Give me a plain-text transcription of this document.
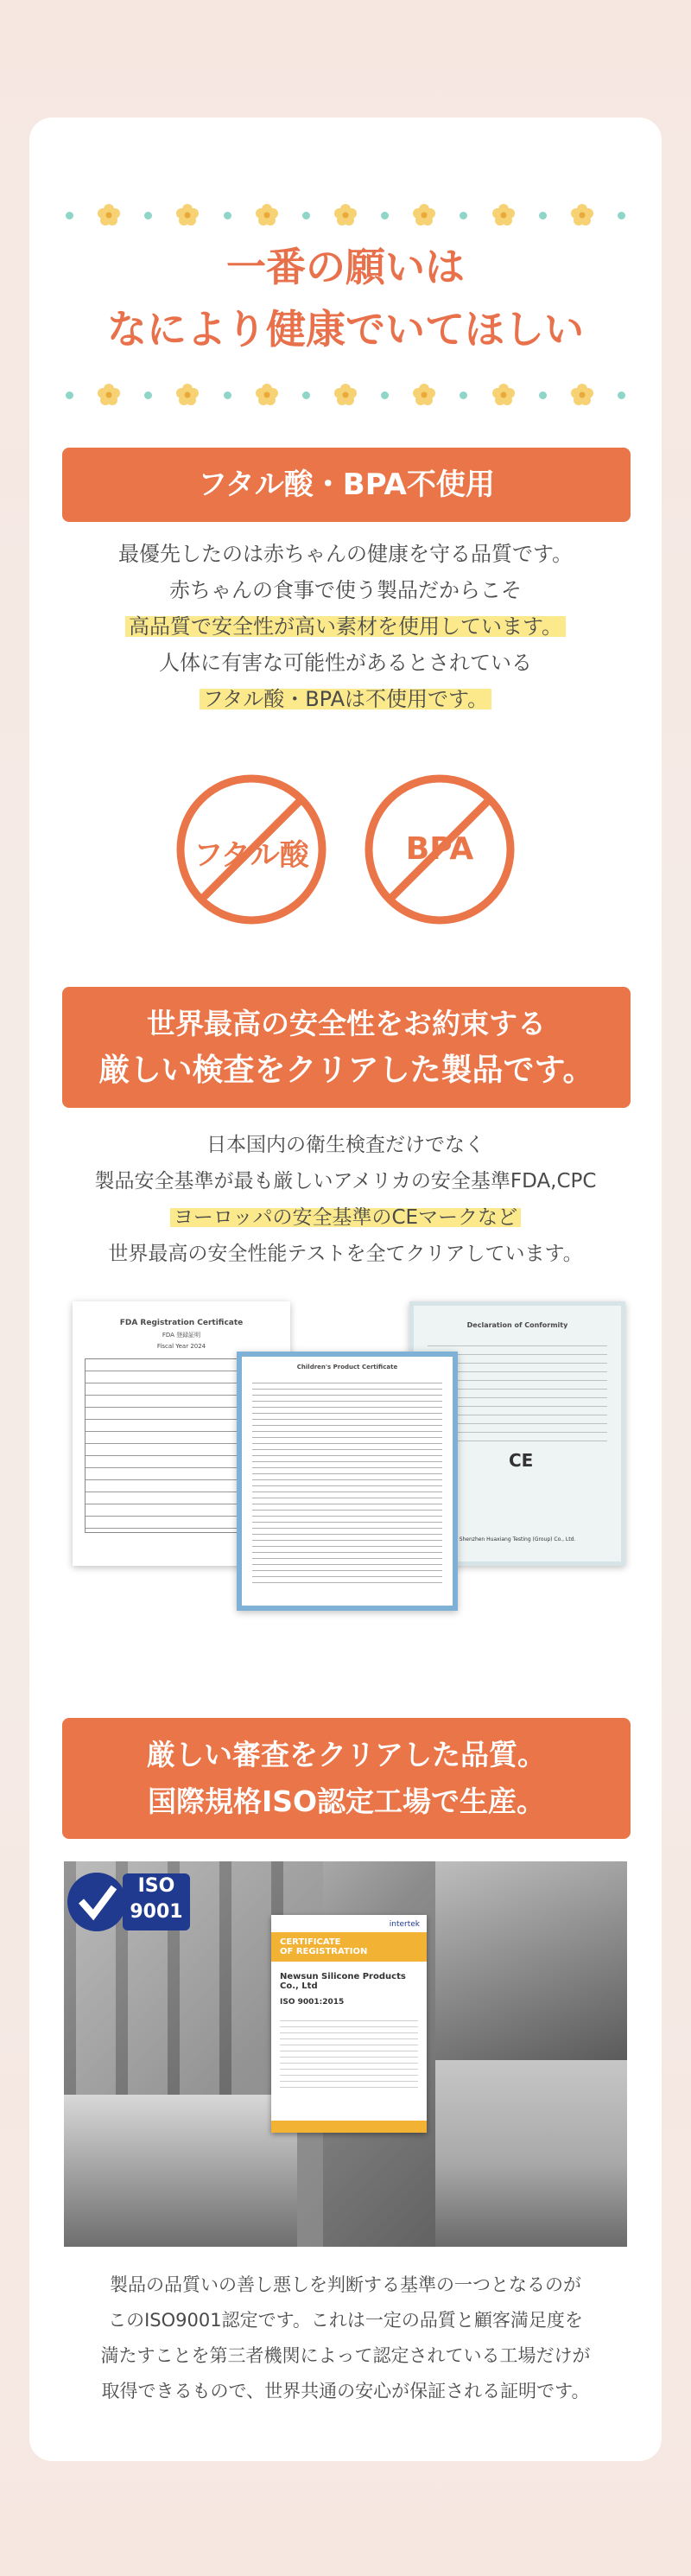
一番の願いは
なにより健康でいてほしい
フタル酸・BPA不使用
最優先したのは赤ちゃんの健康を守る品質です。
赤ちゃんの食事で使う製品だからこそ
高品質で安全性が高い素材を使用しています。
人体に有害な可能性があるとされている
フタル酸・BPAは不使用です。
フタル酸	BPA
世界最高の安全性をお約束する
厳しい検査をクリアした製品です。
日本国内の衛生検査だけでなく
製品安全基準が最も厳しいアメリカの安全基準FDA,CPC
ヨーロッパの安全基準のCEマークなど
世界最高の安全性能テストを全てクリアしています。
FDA Registration Certificate
FDA 登録証明
Fiscal Year 2024
Declaration of Conformity
CE
Shenzhen Huaxiang Testing (Group) Co., Ltd.
Children's Product Certificate
厳しい審査をクリアした品質。
国際規格ISO認定工場で生産。
ISO
9001
intertek
CERTIFICATE
OF REGISTRATION
Newsun Silicone Products Co., Ltd
ISO 9001:2015
製品の品質いの善し悪しを判断する基準の一つとなるのが
このISO9001認定です。これは一定の品質と顧客満足度を
満たすことを第三者機関によって認定されている工場だけが
取得できるもので、世界共通の安心が保証される証明です。
